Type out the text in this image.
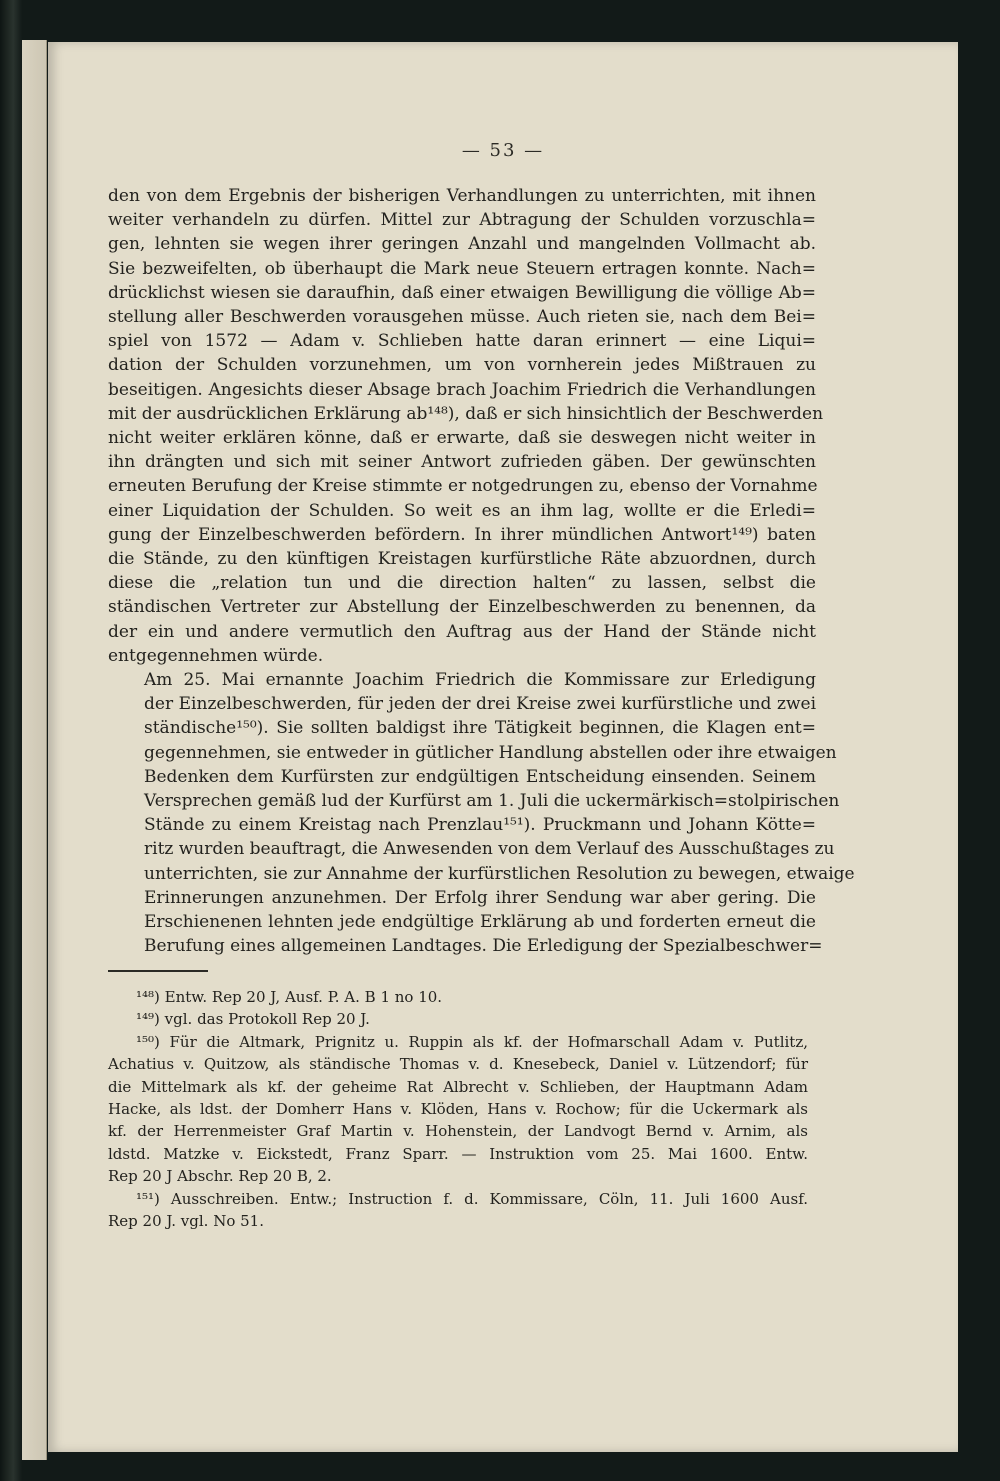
— 53 —

den von dem Ergebnis der bisherigen Verhandlungen zu unterrichten, mit ihnen
weiter verhandeln zu dürfen. Mittel zur Abtragung der Schulden vorzuschla=
gen, lehnten sie wegen ihrer geringen Anzahl und mangelnden Vollmacht ab.
Sie bezweifelten, ob überhaupt die Mark neue Steuern ertragen konnte. Nach=
drücklichst wiesen sie daraufhin, daß einer etwaigen Bewilligung die völlige Ab=
stellung aller Beschwerden vorausgehen müsse. Auch rieten sie, nach dem Bei=
spiel von 1572 — Adam v. Schlieben hatte daran erinnert — eine Liqui=
dation der Schulden vorzunehmen, um von vornherein jedes Mißtrauen zu
beseitigen. Angesichts dieser Absage brach Joachim Friedrich die Verhandlungen
mit der ausdrücklichen Erklärung ab¹⁴⁸), daß er sich hinsichtlich der Beschwerden
nicht weiter erklären könne, daß er erwarte, daß sie deswegen nicht weiter in
ihn drängten und sich mit seiner Antwort zufrieden gäben. Der gewünschten
erneuten Berufung der Kreise stimmte er notgedrungen zu, ebenso der Vornahme
einer Liquidation der Schulden. So weit es an ihm lag, wollte er die Erledi=
gung der Einzelbeschwerden befördern. In ihrer mündlichen Antwort¹⁴⁹) baten
die Stände, zu den künftigen Kreistagen kurfürstliche Räte abzuordnen, durch
diese die „relation tun und die direction halten“ zu lassen, selbst die
ständischen Vertreter zur Abstellung der Einzelbeschwerden zu benennen, da
der ein und andere vermutlich den Auftrag aus der Hand der Stände nicht
entgegennehmen würde.

Am 25. Mai ernannte Joachim Friedrich die Kommissare zur Erledigung
der Einzelbeschwerden, für jeden der drei Kreise zwei kurfürstliche und zwei
ständische¹⁵⁰). Sie sollten baldigst ihre Tätigkeit beginnen, die Klagen ent=
gegennehmen, sie entweder in gütlicher Handlung abstellen oder ihre etwaigen
Bedenken dem Kurfürsten zur endgültigen Entscheidung einsenden. Seinem
Versprechen gemäß lud der Kurfürst am 1. Juli die uckermärkisch=stolpirischen
Stände zu einem Kreistag nach Prenzlau¹⁵¹). Pruckmann und Johann Kötte=
ritz wurden beauftragt, die Anwesenden von dem Verlauf des Ausschußtages zu
unterrichten, sie zur Annahme der kurfürstlichen Resolution zu bewegen, etwaige
Erinnerungen anzunehmen. Der Erfolg ihrer Sendung war aber gering. Die
Erschienenen lehnten jede endgültige Erklärung ab und forderten erneut die
Berufung eines allgemeinen Landtages. Die Erledigung der Spezialbeschwer=

¹⁴⁸) Entw. Rep 20 J, Ausf. P. A. B 1 no 10.
¹⁴⁹) vgl. das Protokoll Rep 20 J.
¹⁵⁰) Für die Altmark, Prignitz u. Ruppin als kf. der Hofmarschall Adam v. Putlitz,
Achatius v. Quitzow, als ständische Thomas v. d. Knesebeck, Daniel v. Lützendorf; für
die Mittelmark als kf. der geheime Rat Albrecht v. Schlieben, der Hauptmann Adam
Hacke, als ldst. der Domherr Hans v. Klöden, Hans v. Rochow; für die Uckermark als
kf. der Herrenmeister Graf Martin v. Hohenstein, der Landvogt Bernd v. Arnim, als
ldstd. Matzke v. Eickstedt, Franz Sparr. — Instruktion vom 25. Mai 1600. Entw.
Rep 20 J Abschr. Rep 20 B, 2.
¹⁵¹) Ausschreiben. Entw.; Instruction f. d. Kommissare, Cöln, 11. Juli 1600 Ausf.
Rep 20 J. vgl. No 51.
